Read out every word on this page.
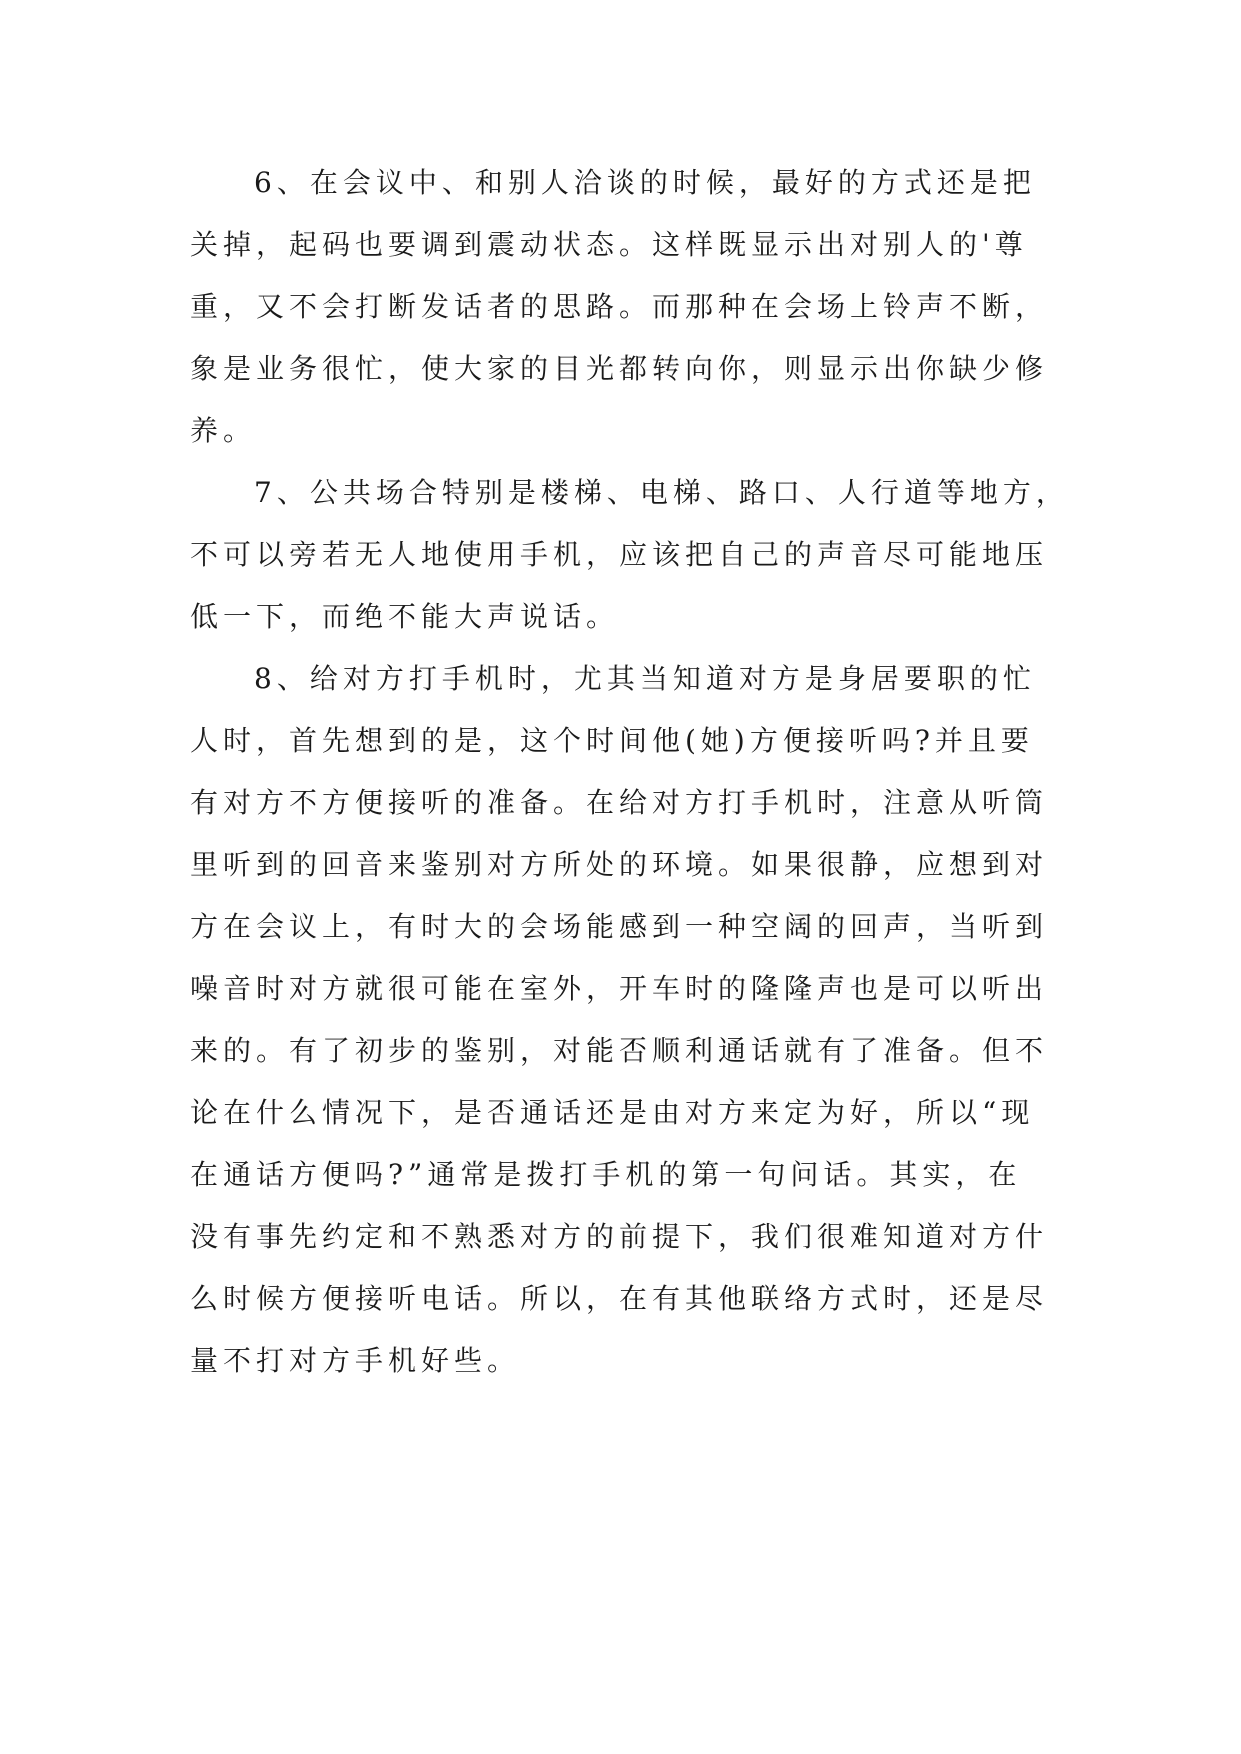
6、在会议中、和别人洽谈的时候，最好的方式还是把
关掉，起码也要调到震动状态。这样既显示出对别人的'尊
重，又不会打断发话者的思路。而那种在会场上铃声不断，
象是业务很忙，使大家的目光都转向你，则显示出你缺少修
养。
7、公共场合特别是楼梯、电梯、路口、人行道等地方，
不可以旁若无人地使用手机，应该把自己的声音尽可能地压
低一下，而绝不能大声说话。
8、给对方打手机时，尤其当知道对方是身居要职的忙
人时，首先想到的是，这个时间他(她)方便接听吗?并且要
有对方不方便接听的准备。在给对方打手机时，注意从听筒
里听到的回音来鉴别对方所处的环境。如果很静，应想到对
方在会议上，有时大的会场能感到一种空阔的回声，当听到
噪音时对方就很可能在室外，开车时的隆隆声也是可以听出
来的。有了初步的鉴别，对能否顺利通话就有了准备。但不
论在什么情况下，是否通话还是由对方来定为好，所以“现
在通话方便吗?”通常是拨打手机的第一句问话。其实，在
没有事先约定和不熟悉对方的前提下，我们很难知道对方什
么时候方便接听电话。所以，在有其他联络方式时，还是尽
量不打对方手机好些。
